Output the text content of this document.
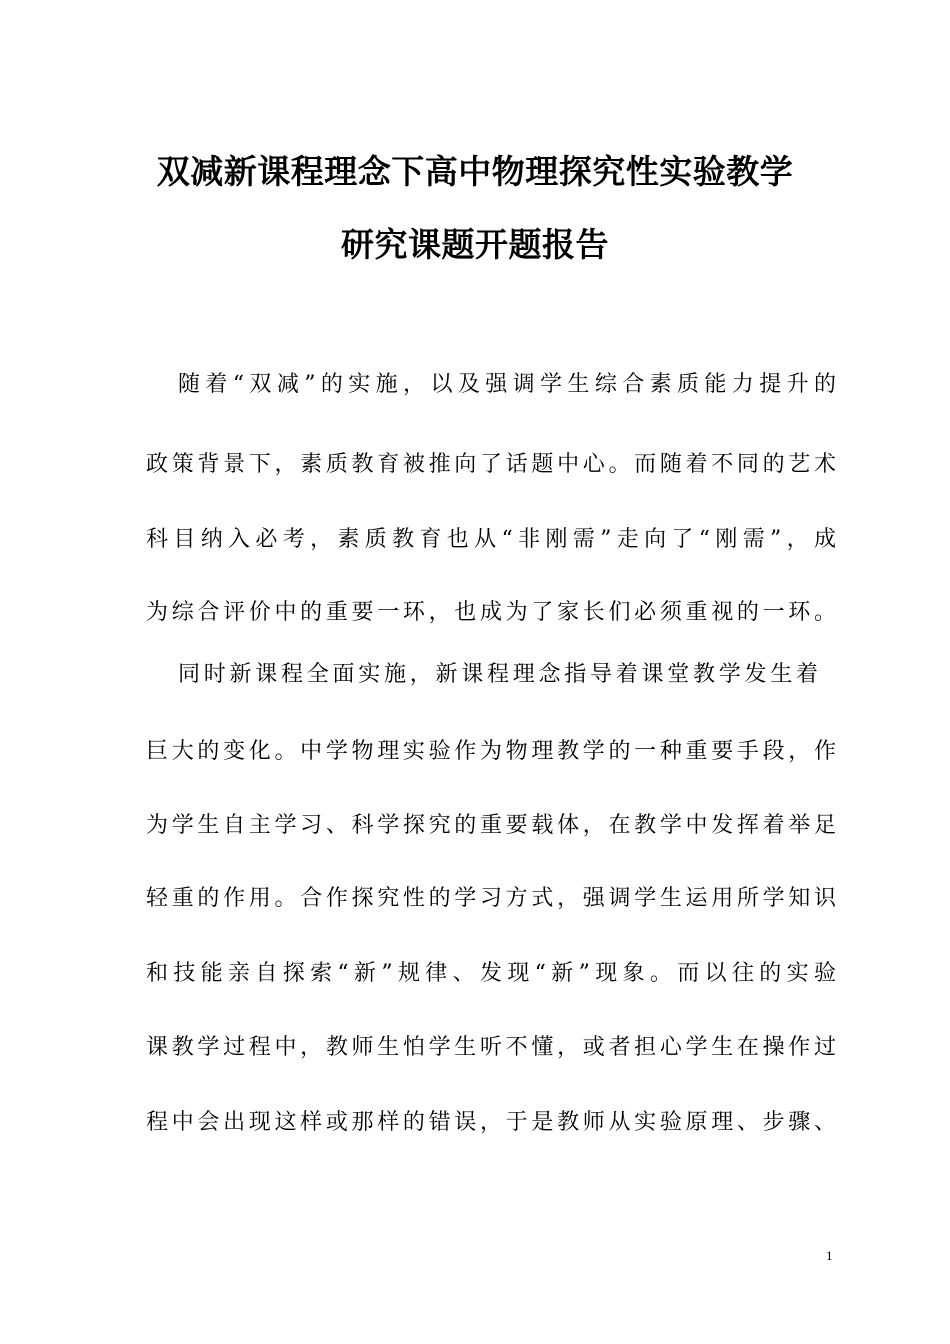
双减新课程理念下高中物理探究性实验教学
研究课题开题报告
随着“双减”的实施，以及强调学生综合素质能力提升的
政策背景下，素质教育被推向了话题中心。而随着不同的艺术
科目纳入必考，素质教育也从“非刚需”走向了“刚需”，成
为综合评价中的重要一环，也成为了家长们必须重视的一环。
同时新课程全面实施，新课程理念指导着课堂教学发生着
巨大的变化。中学物理实验作为物理教学的一种重要手段，作
为学生自主学习、科学探究的重要载体，在教学中发挥着举足
轻重的作用。合作探究性的学习方式，强调学生运用所学知识
和技能亲自探索“新”规律、发现“新”现象。而以往的实验
课教学过程中，教师生怕学生听不懂，或者担心学生在操作过
程中会出现这样或那样的错误，于是教师从实验原理、步骤、
1
